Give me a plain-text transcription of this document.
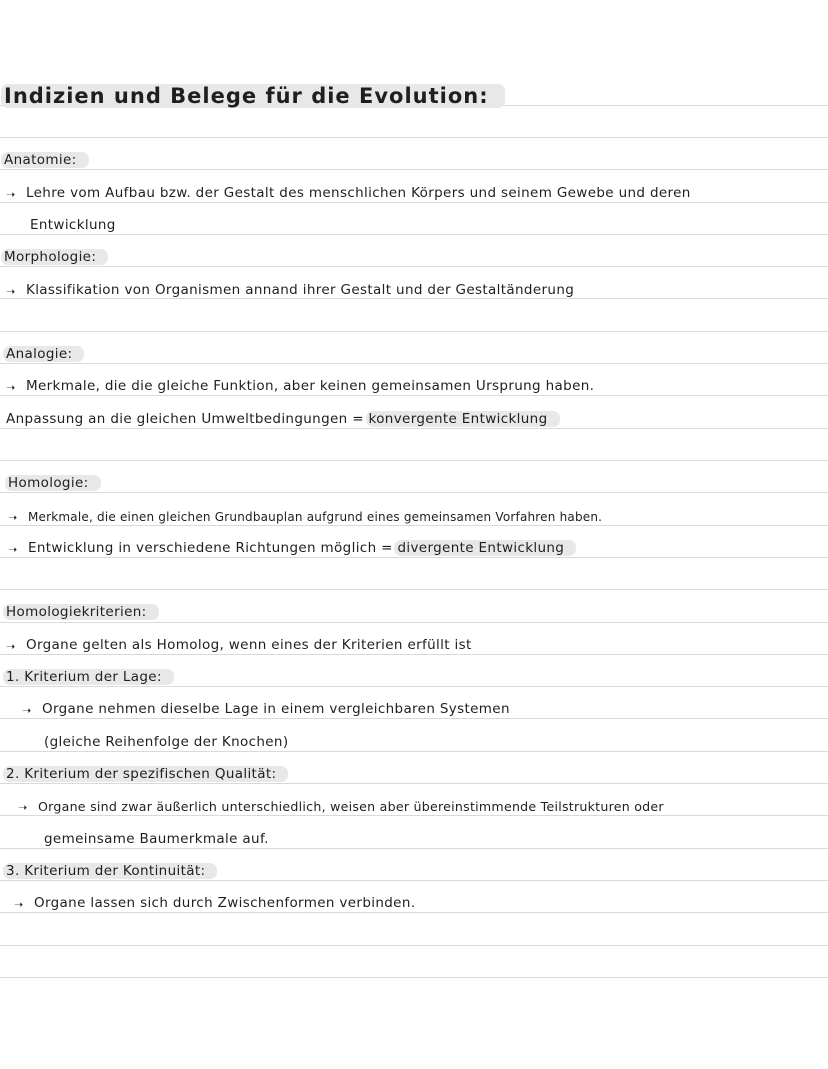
Indizien und Belege für die Evolution:
Anatomie:
➝ Lehre vom Aufbau bzw. der Gestalt des menschlichen Körpers und seinem Gewebe und deren
Entwicklung
Morphologie:
➝ Klassifikation von Organismen annand ihrer Gestalt und der Gestaltänderung
Analogie:
➝ Merkmale, die die gleiche Funktion, aber keinen gemeinsamen Ursprung haben.
Anpassung an die gleichen Umweltbedingungen =
konvergente Entwicklung
Homologie:
➝ Merkmale, die einen gleichen Grundbauplan aufgrund eines gemeinsamen Vorfahren haben.
➝ Entwicklung in verschiedene Richtungen möglich =
divergente Entwicklung
Homologiekriterien:
➝ Organe gelten als Homolog, wenn eines der Kriterien erfüllt ist
1. Kriterium der Lage:
➝ Organe nehmen dieselbe Lage in einem vergleichbaren Systemen
(gleiche Reihenfolge der Knochen)
2. Kriterium der spezifischen Qualität:
➝ Organe sind zwar äußerlich unterschiedlich, weisen aber übereinstimmende Teilstrukturen oder
gemeinsame Baumerkmale auf.
3. Kriterium der Kontinuität:
➝ Organe lassen sich durch Zwischenformen verbinden.
